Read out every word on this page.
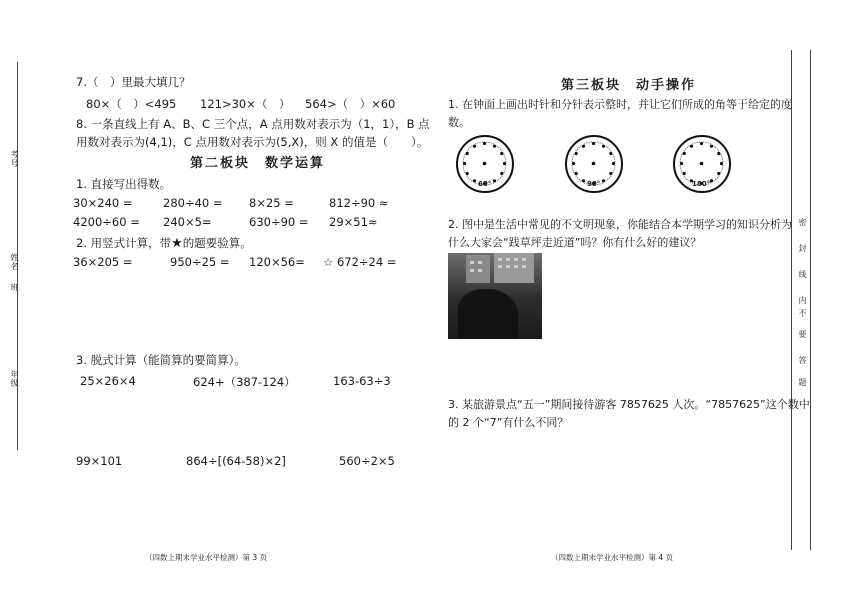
考号
姓名
班
年级
密
封
线
内
不
要
答
题
7.（　）里最大填几？
80×（　）<495 121>30×（　） 564>（　）×60
8. 一条直线上有 A、B、C 三个点，A 点用数对表示为（1，1），B 点
用数对表示为(4,1)，C 点用数对表示为(5,X)，则 X 的值是（　　）。
第二板块　数学运算
1. 直接写出得数。
30×240 =	280÷40 = 8×25 =	812÷90 ≈
4200÷60 = 240×5=	630÷90 = 29×51≈
2. 用竖式计算，带★的题要验算。
36×205 =	950÷25 = 120×56= ☆ 672÷24 =
3. 脱式计算（能简算的要简算）。
25×26×4	624+（387-124）	163-63÷3
99×101	864÷[(64-58)×2]	560÷2×5
（四数上期末学业水平检测）第 3 页
第三板块　动手操作
1. 在钟面上画出时针和分针表示整时，并让它们所成的角等于给定的度
数。
60°	90°	180°
2. 图中是生活中常见的不文明现象，你能结合本学期学习的知识分析为
什么大家会“践草坪走近道”吗？你有什么好的建议？
3. 某旅游景点“五一”期间接待游客 7857625 人次。“7857625”这个数中
的 2 个“7”有什么不同？
（四数上期末学业水平检测）第 4 页
